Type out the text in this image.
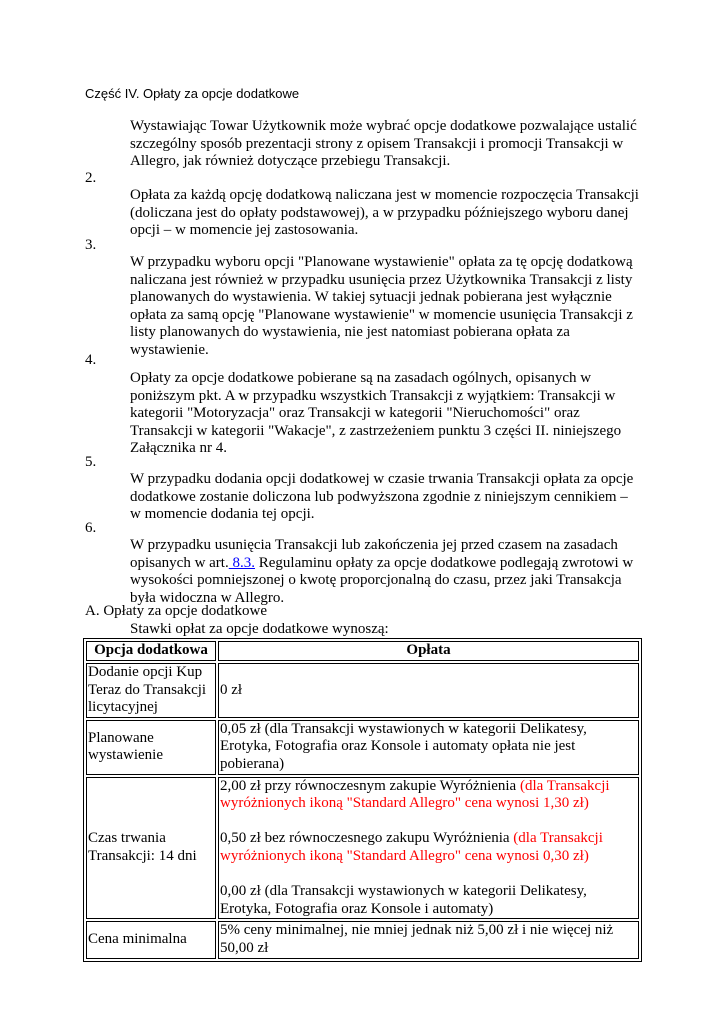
Część IV. Opłaty za opcje dodatkowe
Wystawiając Towar Użytkownik może wybrać opcje dodatkowe pozwalające ustalić szczególny sposób prezentacji strony z opisem Transakcji i promocji Transakcji w Allegro, jak również dotyczące przebiegu Transakcji.
2.
Opłata za każdą opcję dodatkową naliczana jest w momencie rozpoczęcia Transakcji (doliczana jest do opłaty podstawowej), a w przypadku późniejszego wyboru danej opcji – w momencie jej zastosowania.
3.
W przypadku wyboru opcji "Planowane wystawienie" opłata za tę opcję dodatkową naliczana jest również w przypadku usunięcia przez Użytkownika Transakcji z listy planowanych do wystawienia. W takiej sytuacji jednak pobierana jest wyłącznie opłata za samą opcję "Planowane wystawienie" w momencie usunięcia Transakcji z listy planowanych do wystawienia, nie jest natomiast pobierana opłata za wystawienie.
4.
Opłaty za opcje dodatkowe pobierane są na zasadach ogólnych, opisanych w poniższym pkt. A w przypadku wszystkich Transakcji z wyjątkiem: Transakcji w kategorii "Motoryzacja" oraz Transakcji w kategorii "Nieruchomości" oraz Transakcji w kategorii "Wakacje", z zastrzeżeniem punktu 3 części II. niniejszego Załącznika nr 4.
5.
W przypadku dodania opcji dodatkowej w czasie trwania Transakcji opłata za opcje dodatkowe zostanie doliczona lub podwyższona zgodnie z niniejszym cennikiem – w momencie dodania tej opcji.
6.
W przypadku usunięcia Transakcji lub zakończenia jej przed czasem na zasadach opisanych w art. 8.3. Regulaminu opłaty za opcje dodatkowe podlegają zwrotowi w wysokości pomniejszonej o kwotę proporcjonalną do czasu, przez jaki Transakcja była widoczna w Allegro.
A. Opłaty za opcje dodatkowe
Stawki opłat za opcje dodatkowe wynoszą:
Opcja dodatkowa	Opłata
Dodanie opcji Kup Teraz do Transakcji licytacyjnej	0 zł
Planowane wystawienie	0,05 zł (dla Transakcji wystawionych w kategorii Delikatesy, Erotyka, Fotografia oraz Konsole i automaty opłata nie jest pobierana)
Czas trwania Transakcji: 14 dni	2,00 zł przy równoczesnym zakupie Wyróżnienia (dla Transakcji wyróżnionych ikoną "Standard Allegro" cena wynosi 1,30 zł)
0,50 zł bez równoczesnego zakupu Wyróżnienia (dla Transakcji wyróżnionych ikoną "Standard Allegro" cena wynosi 0,30 zł)
0,00 zł (dla Transakcji wystawionych w kategorii Delikatesy, Erotyka, Fotografia oraz Konsole i automaty)

Cena minimalna	5% ceny minimalnej, nie mniej jednak niż 5,00 zł i nie więcej niż 50,00 zł
